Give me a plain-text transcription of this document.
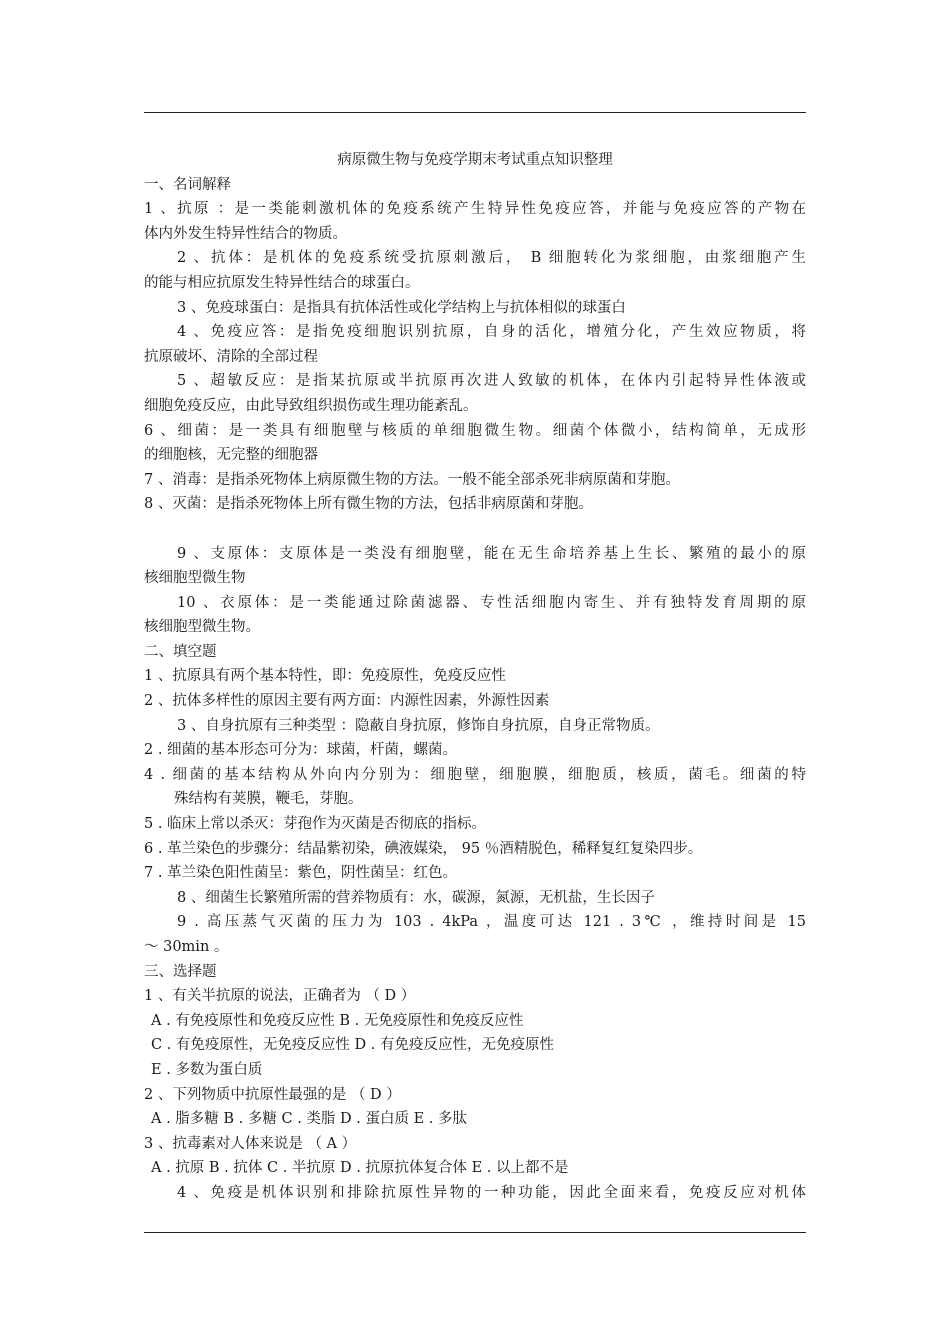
病原微生物与免疫学期末考试重点知识整理
一、名词解释
1 、抗原 ：是一类能刺激机体的免疫系统产生特异性免疫应答，并能与免疫应答的产物在
体内外发生特异性结合的物质。
2 、抗体：是机体的免疫系统受抗原刺激后， B 细胞转化为浆细胞，由浆细胞产生
的能与相应抗原发生特异性结合的球蛋白。
3 、免疫球蛋白：是指具有抗体活性或化学结构上与抗体相似的球蛋白
4 、免疫应答：是指免疫细胞识别抗原，自身的活化，增殖分化，产生效应物质，将
抗原破坏、清除的全部过程
5 、超敏反应：是指某抗原或半抗原再次进人致敏的机体，在体内引起特异性体液或
细胞免疫反应，由此导致组织损伤或生理功能紊乱。
6 、细菌：是一类具有细胞壁与核质的单细胞微生物。细菌个体微小，结构简单，无成形
的细胞核，无完整的细胞器
7 、消毒：是指杀死物体上病原微生物的方法。一般不能全部杀死非病原菌和芽胞。
8 、灭菌：是指杀死物体上所有微生物的方法，包括非病原菌和芽胞。
9 、支原体：支原体是一类没有细胞壁，能在无生命培养基上生长、繁殖的最小的原
核细胞型微生物
10 、衣原体：是一类能通过除菌滤器、专性活细胞内寄生、并有独特发育周期的原
核细胞型微生物。
二、填空题
1 、抗原具有两个基本特性，即：免疫原性，免疫反应性
2 、抗体多样性的原因主要有两方面：内源性因素，外源性因素
3 、自身抗原有三种类型 ：隐蔽自身抗原，修饰自身抗原，自身正常物质。
2 . 细菌的基本形态可分为：球菌，杆菌，螺菌。
4 . 细菌的基本结构从外向内分别为：细胞壁，细胞膜，细胞质，核质，菌毛。细菌的特
殊结构有荚膜，鞭毛，芽胞。
5 . 临床上常以杀灭：芽孢作为灭菌是否彻底的指标。
6 . 革兰染色的步骤分：结晶紫初染，碘液媒染， 95 ％酒精脱色，稀释复红复染四步。
7 . 革兰染色阳性菌呈：紫色，阴性菌呈：红色。
8 、细菌生长繁殖所需的营养物质有：水，碳源，氮源，无机盐，生长因子
9 . 高压蒸气灭菌的压力为 103 . 4kPa ，温度可达 121 . 3℃ ，维持时间是 15
～ 30min 。
三、选择题
1 、有关半抗原的说法，正确者为 （ D ）
A . 有免疫原性和免疫反应性 B . 无免疫原性和免疫反应性
C . 有免疫原性，无免疫反应性 D . 有免疫反应性，无免疫原性
E . 多数为蛋白质
2 、下列物质中抗原性最强的是 （ D ）
A . 脂多糖 B . 多糖 C . 类脂 D . 蛋白质 E . 多肽
3 、抗毒素对人体来说是 （ A ）
A . 抗原 B . 抗体 C . 半抗原 D . 抗原抗体复合体 E . 以上都不是
4 、免疫是机体识别和排除抗原性异物的一种功能，因此全面来看，免疫反应对机体
